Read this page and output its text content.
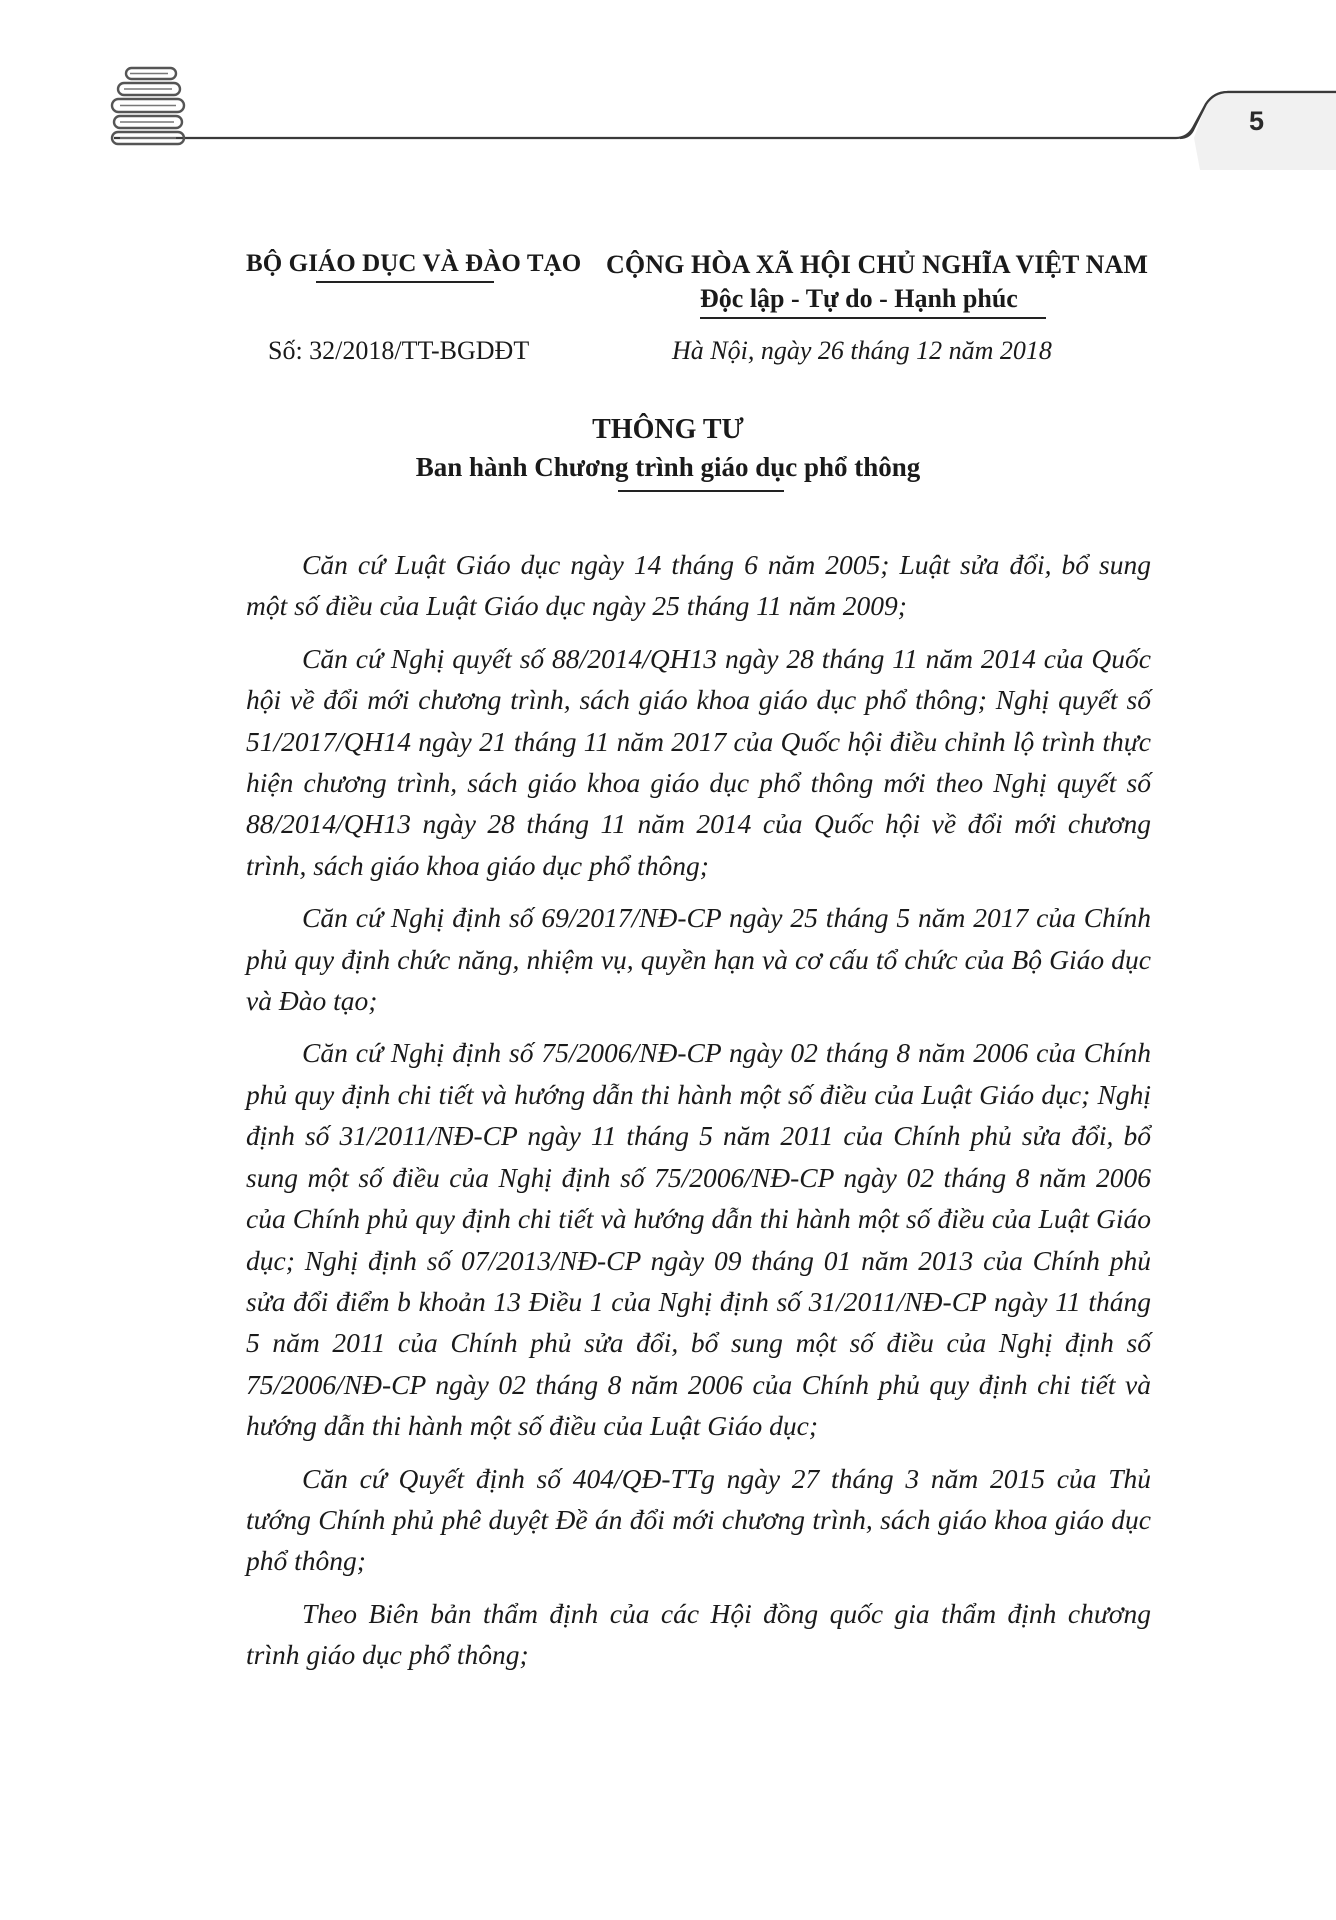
5
BỘ GIÁO DỤC VÀ ĐÀO TẠO CỘNG HÒA XÃ HỘI CHỦ NGHĨA VIỆT NAM
Độc lập - Tự do - Hạnh phúc
Số: 32/2018/TT-BGDĐT	Hà Nội, ngày 26 tháng 12 năm 2018
THÔNG TƯ
Ban hành Chương trình giáo dục phổ thông

Căn cứ Luật Giáo dục ngày 14 tháng 6 năm 2005; Luật sửa đổi, bổ sung một số điều của Luật Giáo dục ngày 25 tháng 11 năm 2009;

Căn cứ Nghị quyết số 88/2014/QH13 ngày 28 tháng 11 năm 2014 của Quốc hội về đổi mới chương trình, sách giáo khoa giáo dục phổ thông; Nghị quyết số 51/2017/QH14 ngày 21 tháng 11 năm 2017 của Quốc hội điều chỉnh lộ trình thực hiện chương trình, sách giáo khoa giáo dục phổ thông mới theo Nghị quyết số 88/2014/QH13 ngày 28 tháng 11 năm 2014 của Quốc hội về đổi mới chương trình, sách giáo khoa giáo dục phổ thông;

Căn cứ Nghị định số 69/2017/NĐ-CP ngày 25 tháng 5 năm 2017 của Chính phủ quy định chức năng, nhiệm vụ, quyền hạn và cơ cấu tổ chức của Bộ Giáo dục và Đào tạo;

Căn cứ Nghị định số 75/2006/NĐ-CP ngày 02 tháng 8 năm 2006 của Chính phủ quy định chi tiết và hướng dẫn thi hành một số điều của Luật Giáo dục; Nghị định số 31/2011/NĐ-CP ngày 11 tháng 5 năm 2011 của Chính phủ sửa đổi, bổ sung một số điều của Nghị định số 75/2006/NĐ-CP ngày 02 tháng 8 năm 2006 của Chính phủ quy định chi tiết và hướng dẫn thi hành một số điều của Luật Giáo dục; Nghị định số 07/2013/NĐ-CP ngày 09 tháng 01 năm 2013 của Chính phủ sửa đổi điểm b khoản 13 Điều 1 của Nghị định số 31/2011/NĐ-CP ngày 11 tháng 5 năm 2011 của Chính phủ sửa đổi, bổ sung một số điều của Nghị định số 75/2006/NĐ-CP ngày 02 tháng 8 năm 2006 của Chính phủ quy định chi tiết và hướng dẫn thi hành một số điều của Luật Giáo dục;

Căn cứ Quyết định số 404/QĐ-TTg ngày 27 tháng 3 năm 2015 của Thủ tướng Chính phủ phê duyệt Đề án đổi mới chương trình, sách giáo khoa giáo dục phổ thông;

Theo Biên bản thẩm định của các Hội đồng quốc gia thẩm định chương trình giáo dục phổ thông;
